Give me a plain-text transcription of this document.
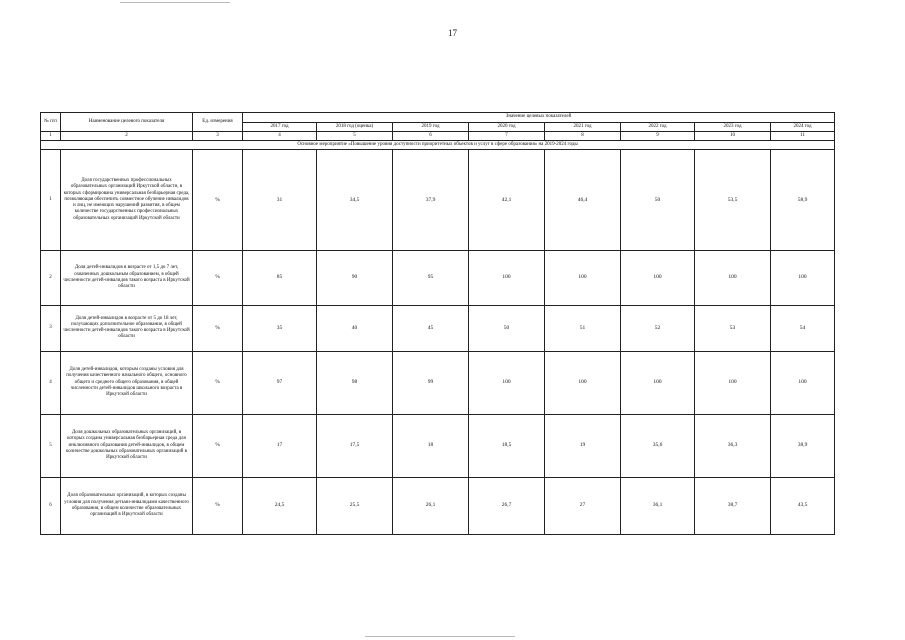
17
№ п/п	Наименование целевого показателя	Ед. измерения	Значение целевых показателей							
			2017 год	2018 год (оценка)	2019 год	2020 год	2021 год	2022 год	2023 год	2024 год
1	2	3	4	5	6	7	8	9	10	11
Основное мероприятие «Повышение уровня доступности приоритетных объектов и услуг в сфере образования» на 2019-2024 годы										
1	Доля государственных профессиональных образовательных организаций Иркутской области, в которых сформирована универсальная безбарьерная среда, позволяющая обеспечить совместное обучение инвалидов и лиц, не имеющих нарушений развития, в общем количестве государственных профессиональных образовательных организаций Иркутской области	%	31	34,5	37,9	42,1	46,4	50	53,5	58,9
2	Доля детей-инвалидов в возрасте от 1,5 до 7 лет, охваченных дошкольным образованием, в общей численности детей-инвалидов такого возраста в Иркутской области	%	85	90	95	100	100	100	100	100
3	Доля детей-инвалидов в возрасте от 5 до 18 лет, получающих дополнительное образование, в общей численности детей-инвалидов такого возраста в Иркутской области	%	35	40	45	50	51	52	53	54
4	Доля детей-инвалидов, которым созданы условия для получения качественного начального общего, основного общего и среднего общего образования, в общей численности детей-инвалидов школьного возраста в Иркутской области	%	97	98	99	100	100	100	100	100
5	Доля дошкольных образовательных организаций, в которых создана универсальная безбарьерная среда для инклюзивного образования детей-инвалидов, в общем количестве дошкольных образовательных организаций в Иркутской области	%	17	17,5	18	18,5	19	35,6	36,3	38,9
6	Доля образовательных организаций, в которых созданы условия для получения детьми-инвалидами качественного образования, в общем количестве образовательных организаций в Иркутской области	%	24,5	25,5	26,1	26,7	27	36,1	38,7	43,5
